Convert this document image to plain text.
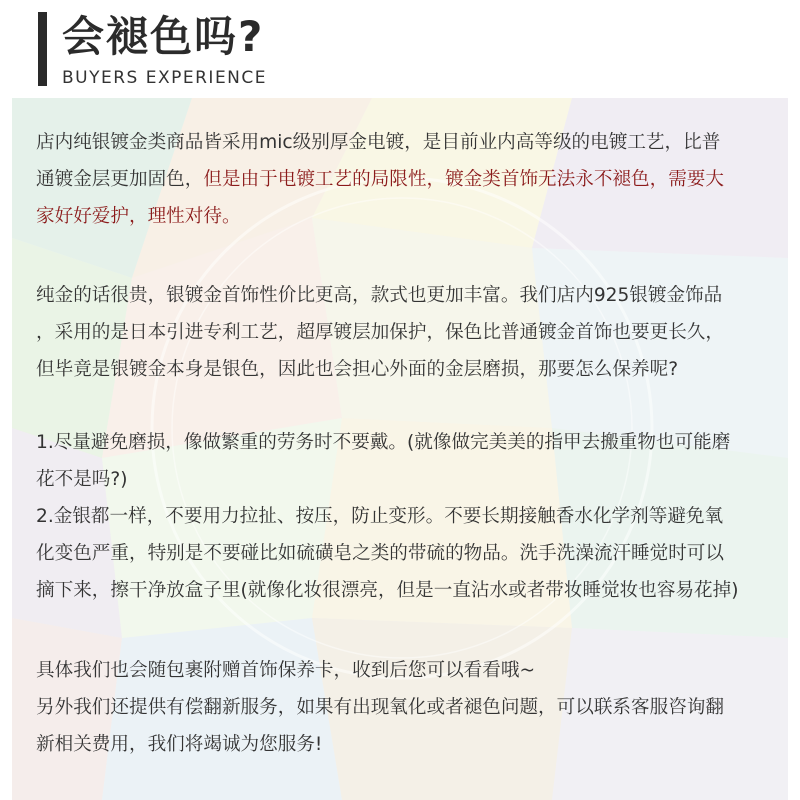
会褪色吗?
BUYERS EXPERIENCE
店内纯银镀金类商品皆采用mic级别厚金电镀，是目前业内高等级的电镀工艺，比普
通镀金层更加固色，但是由于电镀工艺的局限性，镀金类首饰无法永不褪色，需要大
家好好爱护，理性对待。
纯金的话很贵，银镀金首饰性价比更高，款式也更加丰富。我们店内925银镀金饰品
，采用的是日本引进专利工艺，超厚镀层加保护，保色比普通镀金首饰也要更长久，
但毕竟是银镀金本身是银色，因此也会担心外面的金层磨损，那要怎么保养呢?
1.尽量避免磨损，像做繁重的劳务时不要戴。(就像做完美美的指甲去搬重物也可能磨
花不是吗?)
2.金银都一样，不要用力拉扯、按压，防止变形。不要长期接触香水化学剂等避免氧
化变色严重，特别是不要碰比如硫磺皂之类的带硫的物品。洗手洗澡流汗睡觉时可以
摘下来，擦干净放盒子里(就像化妆很漂亮，但是一直沾水或者带妆睡觉妆也容易花掉)
具体我们也会随包裹附赠首饰保养卡，收到后您可以看看哦~
另外我们还提供有偿翻新服务，如果有出现氧化或者褪色问题，可以联系客服咨询翻
新相关费用，我们将竭诚为您服务!
